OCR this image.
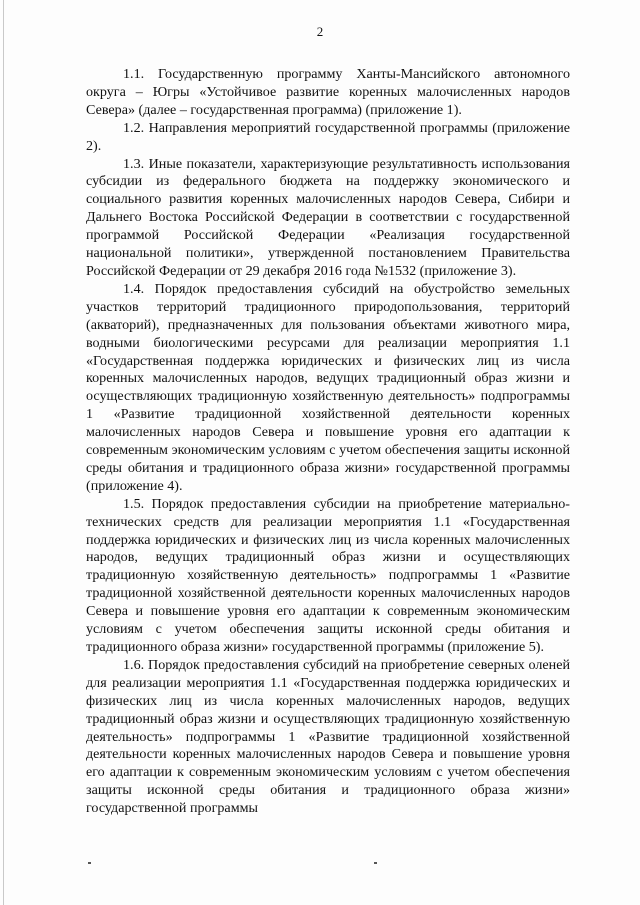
2

1.1. Государственную программу Ханты-Мансийского автономного округа – Югры «Устойчивое развитие коренных малочисленных народов Севера» (далее – государственная программа) (приложение 1).

1.2. Направления мероприятий государственной программы (приложение 2).

1.3. Иные показатели, характеризующие результативность использования субсидии из федерального бюджета на поддержку экономического и социального развития коренных малочисленных народов Севера, Сибири и Дальнего Востока Российской Федерации в соответствии с государственной программой Российской Федерации «Реализация государственной национальной политики», утвержденной постановлением Правительства Российской Федерации от 29 декабря 2016 года №1532 (приложение 3).

1.4. Порядок предоставления субсидий на обустройство земельных участков территорий традиционного природопользования, территорий (акваторий), предназначенных для пользования объектами животного мира, водными биологическими ресурсами для реализации мероприятия 1.1 «Государственная поддержка юридических и физических лиц из числа коренных малочисленных народов, ведущих традиционный образ жизни и осуществляющих традиционную хозяйственную деятельность» подпрограммы 1 «Развитие традиционной хозяйственной деятельности коренных малочисленных народов Севера и повышение уровня его адаптации к современным экономическим условиям с учетом обеспечения защиты исконной среды обитания и традиционного образа жизни» государственной программы (приложение 4).

1.5. Порядок предоставления субсидии на приобретение материально-технических средств для реализации мероприятия 1.1 «Государственная поддержка юридических и физических лиц из числа коренных малочисленных народов, ведущих традиционный образ жизни и осуществляющих традиционную хозяйственную деятельность» подпрограммы 1 «Развитие традиционной хозяйственной деятельности коренных малочисленных народов Севера и повышение уровня его адаптации к современным экономическим условиям с учетом обеспечения защиты исконной среды обитания и традиционного образа жизни» государственной программы (приложение 5).

1.6. Порядок предоставления субсидий на приобретение северных оленей для реализации мероприятия 1.1 «Государственная поддержка юридических и физических лиц из числа коренных малочисленных народов, ведущих традиционный образ жизни и осуществляющих традиционную хозяйственную деятельность» подпрограммы 1 «Развитие традиционной хозяйственной деятельности коренных малочисленных народов Севера и повышение уровня его адаптации к современным экономическим условиям с учетом обеспечения защиты исконной среды обитания и традиционного образа жизни» государственной программы
